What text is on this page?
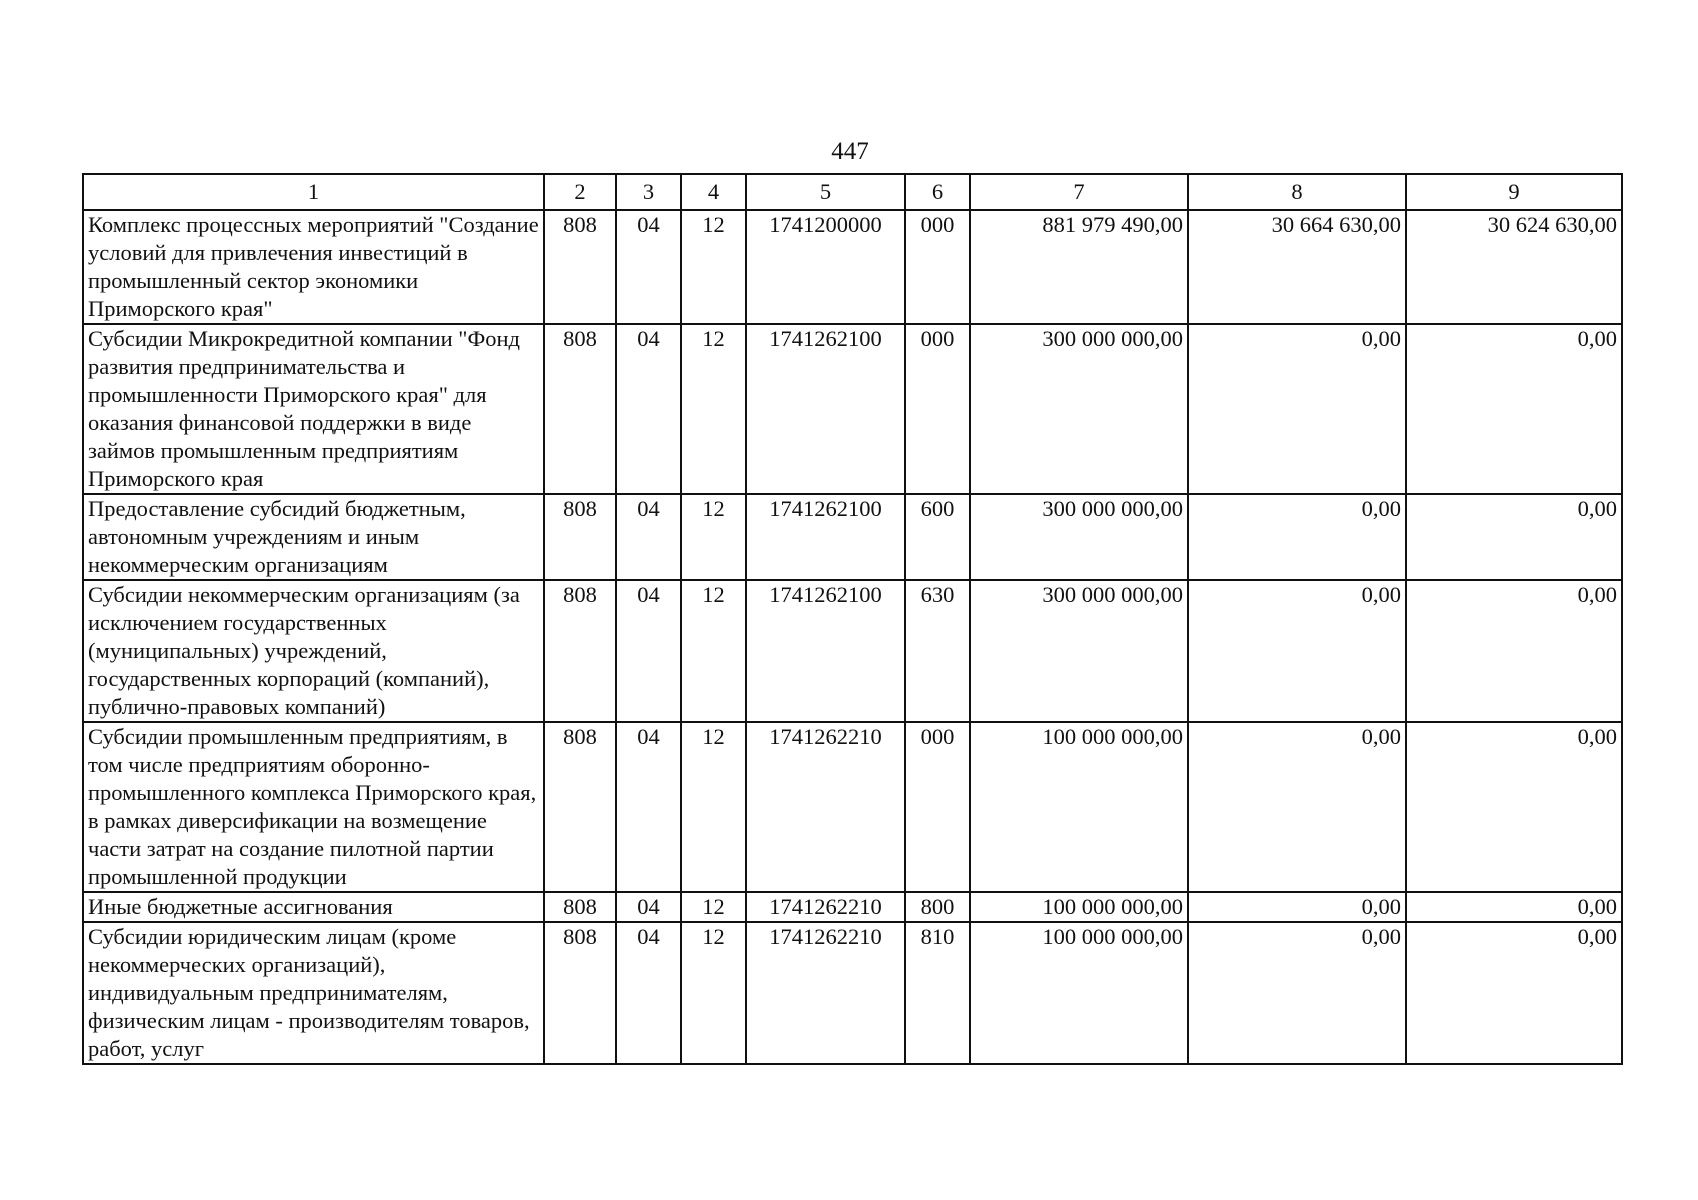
447
1	2	3	4	5	6	7	8	9
Комплекс процессных мероприятий "Создание условий для привлечения инвестиций в промышленный сектор экономики Приморского края"	808	04	12	1741200000	000	881 979 490,00	30 664 630,00	30 624 630,00
Субсидии Микрокредитной компании "Фонд развития предпринимательства и промышленности Приморского края" для оказания финансовой поддержки в виде займов промышленным предприятиям Приморского края	808	04	12	1741262100	000	300 000 000,00	0,00	0,00
Предоставление субсидий бюджетным, автономным учреждениям и иным некоммерческим организациям	808	04	12	1741262100	600	300 000 000,00	0,00	0,00
Субсидии некоммерческим организациям (за исключением государственных (муниципальных) учреждений, государственных корпораций (компаний), публично-правовых компаний)	808	04	12	1741262100	630	300 000 000,00	0,00	0,00
Субсидии промышленным предприятиям, в том числе предприятиям оборонно-промышленного комплекса Приморского края, в рамках диверсификации на возмещение части затрат на создание пилотной партии промышленной продукции	808	04	12	1741262210	000	100 000 000,00	0,00	0,00
Иные бюджетные ассигнования	808	04	12	1741262210	800	100 000 000,00	0,00	0,00
Субсидии юридическим лицам (кроме некоммерческих организаций), индивидуальным предпринимателям, физическим лицам - производителям товаров, работ, услуг	808	04	12	1741262210	810	100 000 000,00	0,00	0,00
